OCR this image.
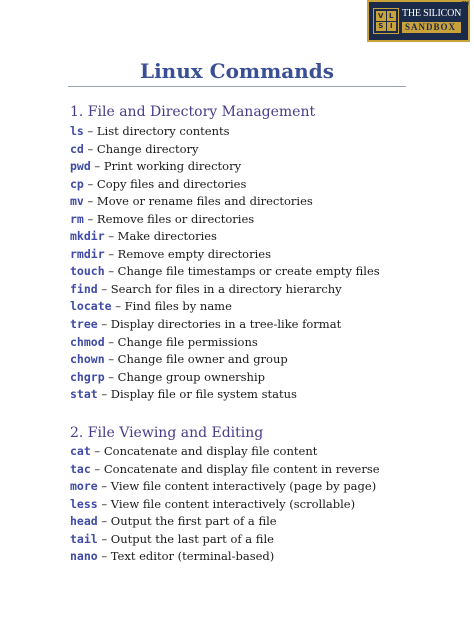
V L
S I
THE SILICON
SANDBOX
TM
Linux Commands
1. File and Directory Management
ls – List directory contents
cd – Change directory
pwd – Print working directory
cp – Copy files and directories
mv – Move or rename files and directories
rm – Remove files or directories
mkdir – Make directories
rmdir – Remove empty directories
touch – Change file timestamps or create empty files
find – Search for files in a directory hierarchy
locate – Find files by name
tree – Display directories in a tree-like format
chmod – Change file permissions
chown – Change file owner and group
chgrp – Change group ownership
stat – Display file or file system status
2. File Viewing and Editing
cat – Concatenate and display file content
tac – Concatenate and display file content in reverse
more – View file content interactively (page by page)
less – View file content interactively (scrollable)
head – Output the first part of a file
tail – Output the last part of a file
nano – Text editor (terminal-based)
